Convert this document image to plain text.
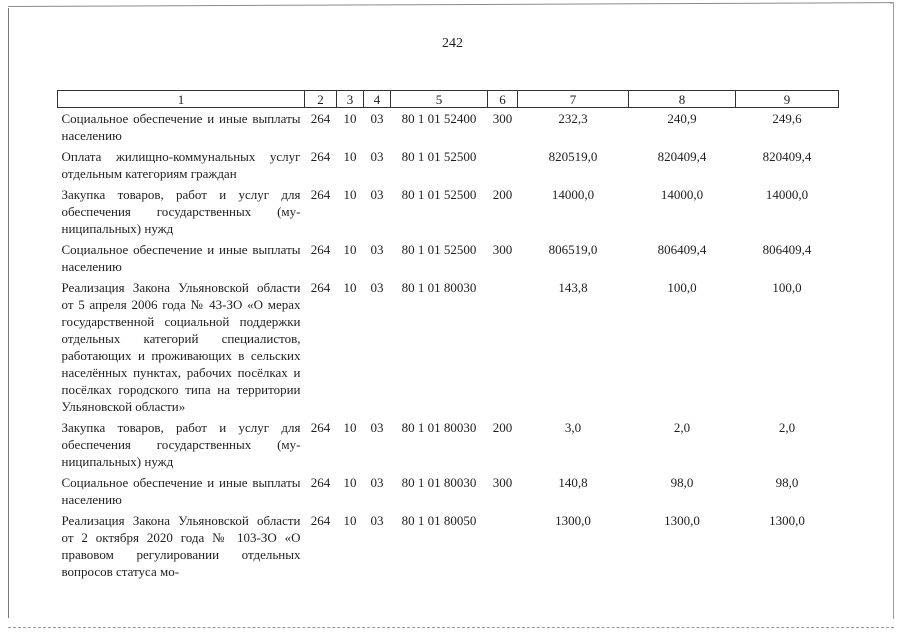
242
1	2	3	4	5	6	7	8	9
Социальное обеспечение и иные выплаты населению	264	10	03	80 1 01 52400	300	232,3	240,9	249,6
Оплата жилищно-коммунальных услуг отдельным категориям граждан	264	10	03	80 1 01 52500		820519,0	820409,4	820409,4
Закупка товаров, работ и услуг для обеспечения государственных (муниципальных) нужд	264	10	03	80 1 01 52500	200	14000,0	14000,0	14000,0
Социальное обеспечение и иные выплаты населению	264	10	03	80 1 01 52500	300	806519,0	806409,4	806409,4
Реализация Закона Ульяновской области от 5 апреля 2006 года № 43-ЗО «О мерах государственной социальной поддержки отдельных категорий специалистов, работающих и проживающих в сельских населённых пунктах, рабочих посёлках и посёлках городского типа на территории Ульяновской области»	264	10	03	80 1 01 80030		143,8	100,0	100,0
Закупка товаров, работ и услуг для обеспечения государственных (муниципальных) нужд	264	10	03	80 1 01 80030	200	3,0	2,0	2,0
Социальное обеспечение и иные выплаты населению	264	10	03	80 1 01 80030	300	140,8	98,0	98,0
Реализация Закона Ульяновской области от 2 октября 2020 года № 103-ЗО «О правовом регулировании отдельных вопросов статуса мо-	264	10	03	80 1 01 80050		1300,0	1300,0	1300,0
